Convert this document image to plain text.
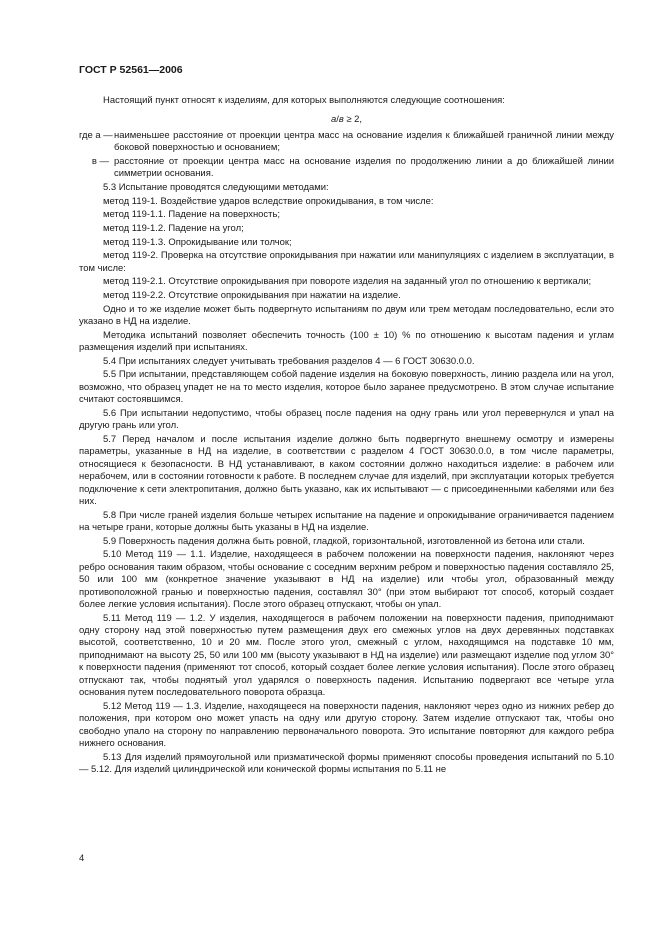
ГОСТ Р 52561—2006

Настоящий пункт относят к изделиям, для которых выполняются следующие соотношения:

a/в ≥ 2,

где a — наименьшее расстояние от проекции центра масс на основание изделия к ближайшей граничной линии между боковой поверхностью и основанием;
в — расстояние от проекции центра масс на основание изделия по продолжению линии a до ближайшей линии симметрии основания.

5.3 Испытание проводятся следующими методами:

метод 119-1. Воздействие ударов вследствие опрокидывания, в том числе:

метод 119-1.1. Падение на поверхность;

метод 119-1.2. Падение на угол;

метод 119-1.3. Опрокидывание или толчок;

метод 119-2. Проверка на отсутствие опрокидывания при нажатии или манипуляциях с изделием в эксплуатации, в том числе:

метод 119-2.1. Отсутствие опрокидывания при повороте изделия на заданный угол по отношению к вертикали;

метод 119-2.2. Отсутствие опрокидывания при нажатии на изделие.

Одно и то же изделие может быть подвергнуто испытаниям по двум или трем методам последовательно, если это указано в НД на изделие.

Методика испытаний позволяет обеспечить точность (100 ± 10) % по отношению к высотам падения и углам размещения изделий при испытаниях.

5.4 При испытаниях следует учитывать требования разделов 4 — 6 ГОСТ 30630.0.0.

5.5 При испытании, представляющем собой падение изделия на боковую поверхность, линию раздела или на угол, возможно, что образец упадет не на то место изделия, которое было заранее предусмотрено. В этом случае испытание считают состоявшимся.

5.6 При испытании недопустимо, чтобы образец после падения на одну грань или угол перевернулся и упал на другую грань или угол.

5.7 Перед началом и после испытания изделие должно быть подвергнуто внешнему осмотру и измерены параметры, указанные в НД на изделие, в соответствии с разделом 4 ГОСТ 30630.0.0, в том числе параметры, относящиеся к безопасности. В НД устанавливают, в каком состоянии должно находиться изделие: в рабочем или нерабочем, или в состоянии готовности к работе. В последнем случае для изделий, при эксплуатации которых требуется подключение к сети электропитания, должно быть указано, как их испытывают — с присоединенными кабелями или без них.

5.8 При числе граней изделия больше четырех испытание на падение и опрокидывание ограничивается падением на четыре грани, которые должны быть указаны в НД на изделие.

5.9 Поверхность падения должна быть ровной, гладкой, горизонтальной, изготовленной из бетона или стали.

5.10 Метод 119 — 1.1. Изделие, находящееся в рабочем положении на поверхности падения, наклоняют через ребро основания таким образом, чтобы основание с соседним верхним ребром и поверхностью падения составляло 25, 50 или 100 мм (конкретное значение указывают в НД на изделие) или чтобы угол, образованный между противоположной гранью и поверхностью падения, составлял 30° (при этом выбирают тот способ, который создает более легкие условия испытания). После этого образец отпускают, чтобы он упал.

5.11 Метод 119 — 1.2. У изделия, находящегося в рабочем положении на поверхности падения, приподнимают одну сторону над этой поверхностью путем размещения двух его смежных углов на двух деревянных подставках высотой, соответственно, 10 и 20 мм. После этого угол, смежный с углом, находящимся на подставке 10 мм, приподнимают на высоту 25, 50 или 100 мм (высоту указывают в НД на изделие) или размещают изделие под углом 30° к поверхности падения (применяют тот способ, который создает более легкие условия испытания). После этого образец отпускают так, чтобы поднятый угол ударялся о поверхность падения. Испытанию подвергают все четыре угла основания путем последовательного поворота образца.

5.12 Метод 119 — 1.3. Изделие, находящееся на поверхности падения, наклоняют через одно из нижних ребер до положения, при котором оно может упасть на одну или другую сторону. Затем изделие отпускают так, чтобы оно свободно упало на сторону по направлению первоначального поворота. Это испытание повторяют для каждого ребра нижнего основания.

5.13 Для изделий прямоугольной или призматической формы применяют способы проведения испытаний по 5.10 — 5.12. Для изделий цилиндрической или конической формы испытания по 5.11 не

4
